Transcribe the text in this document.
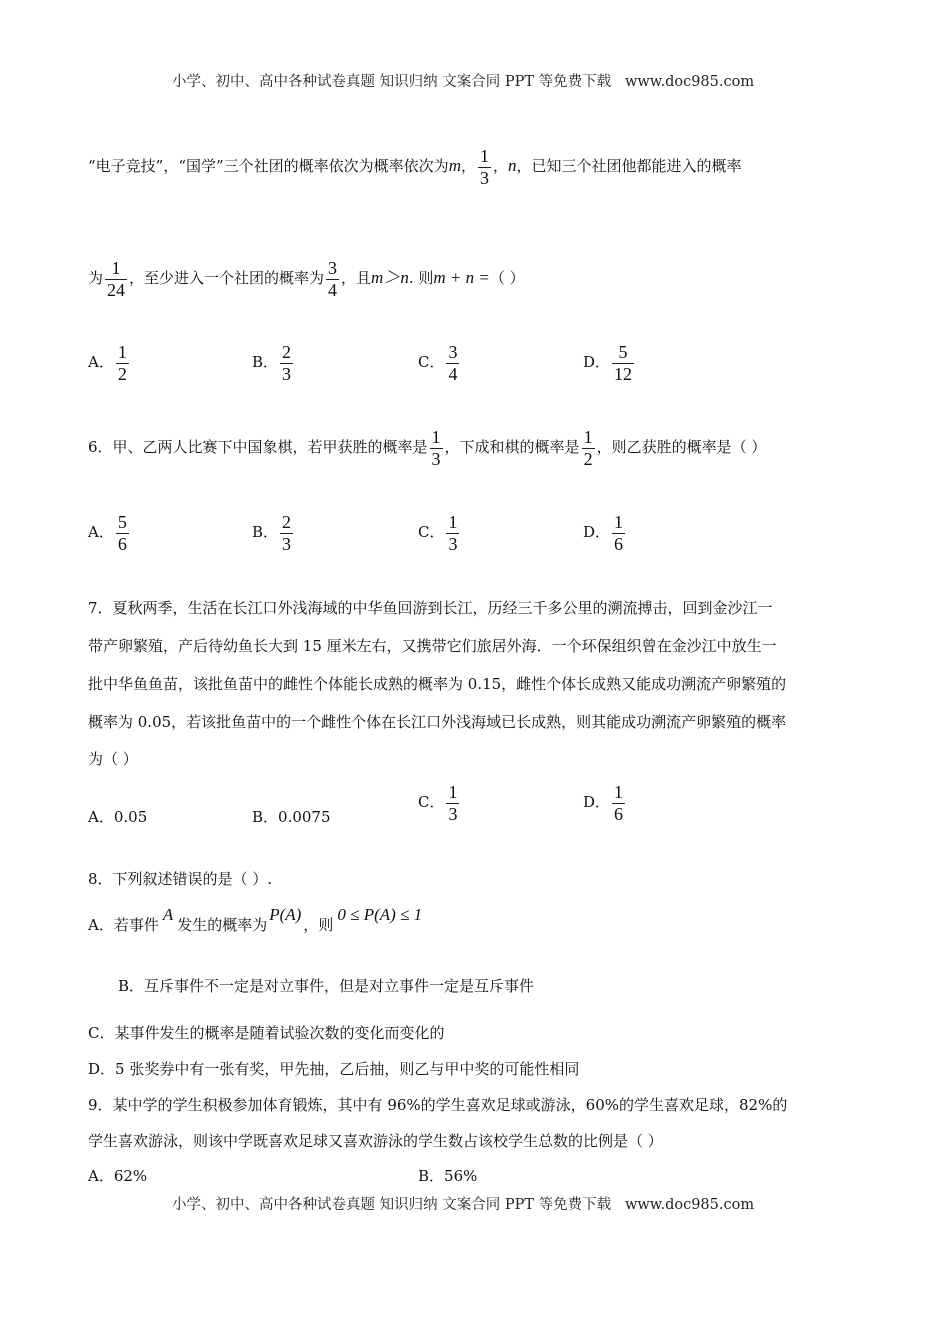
小学、初中、高中各种试卷真题 知识归纳 文案合同 PPT 等免费下载 www.doc985.com
“电子竞技”，“国学”三个社团的概率依次为概率依次为m， $\frac{1}{3}$ ，n，已知三个社团他都能进入的概率
为 $\frac{1}{24}$ ，至少进入一个社团的概率为 $\frac{3}{4}$ ，且m＞n. 则m + n =（ ）
A． $\frac{1}{2}$	B． $\frac{2}{3}$	C． $\frac{3}{4}$	D． $\frac{5}{12}$
6．甲、乙两人比赛下中国象棋，若甲获胜的概率是 $\frac{1}{3}$ ，下成和棋的概率是 $\frac{1}{2}$ ，则乙获胜的概率是（ ）
A． $\frac{5}{6}$	B． $\frac{2}{3}$	C． $\frac{1}{3}$	D． $\frac{1}{6}$
7．夏秋两季，生活在长江口外浅海域的中华鱼回游到长江，历经三千多公里的溯流搏击，回到金沙江一
带产卵繁殖，产后待幼鱼长大到 15 厘米左右，又携带它们旅居外海．一个环保组织曾在金沙江中放生一
批中华鱼鱼苗，该批鱼苗中的雌性个体能长成熟的概率为 0.15，雌性个体长成熟又能成功溯流产卵繁殖的
概率为 0.05，若该批鱼苗中的一个雌性个体在长江口外浅海域已长成熟，则其能成功溯流产卵繁殖的概率
为（ ）
A．0.05	B．0.0075
C． $\frac{1}{3}$	D． $\frac{1}{6}$
8．下列叙述错误的是（ ）.
A．若事件A发生的概率为P(A)，则0 ≤ P(A) ≤ 1
B．互斥事件不一定是对立事件，但是对立事件一定是互斥事件
C．某事件发生的概率是随着试验次数的变化而变化的
D．5 张奖券中有一张有奖，甲先抽，乙后抽，则乙与甲中奖的可能性相同
9．某中学的学生积极参加体育锻炼，其中有 96%的学生喜欢足球或游泳，60%的学生喜欢足球，82%的
学生喜欢游泳，则该中学既喜欢足球又喜欢游泳的学生数占该校学生总数的比例是（ ）
A．62%	B．56%
小学、初中、高中各种试卷真题 知识归纳 文案合同 PPT 等免费下载 www.doc985.com
